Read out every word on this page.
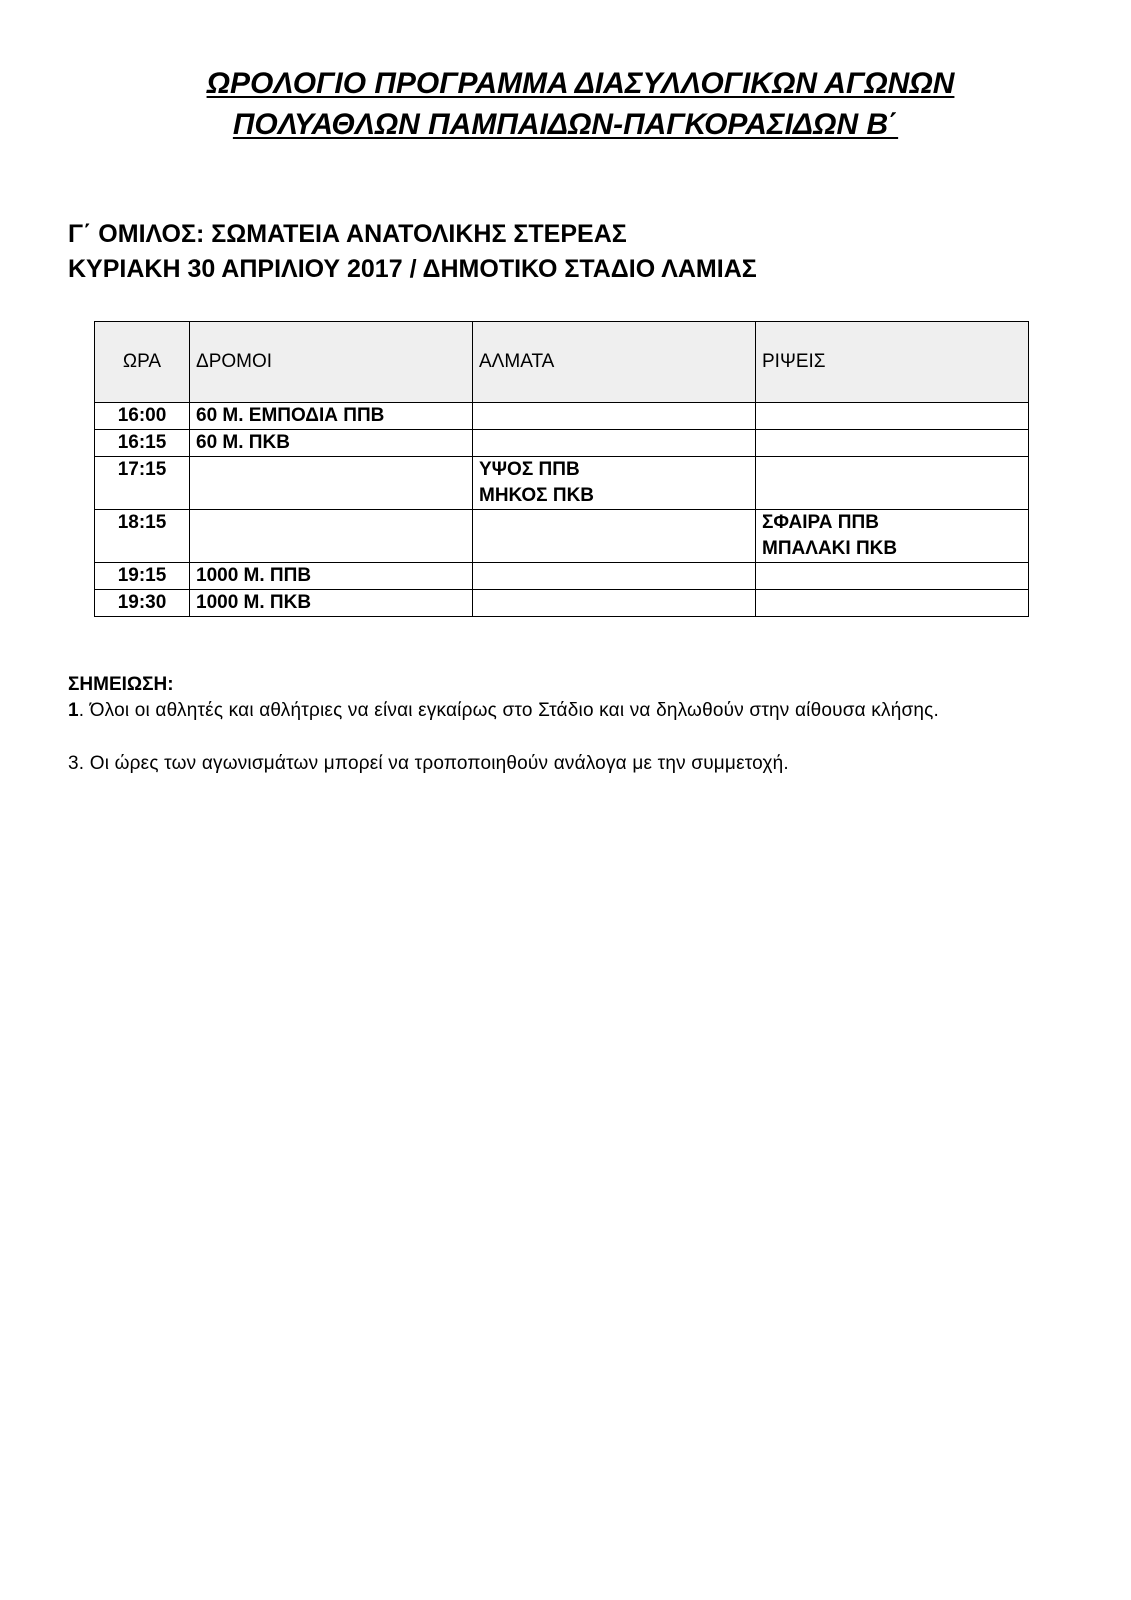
ΩΡΟΛΟΓΙΟ ΠΡΟΓΡΑΜΜΑ ΔΙΑΣΥΛΛΟΓΙΚΩΝ ΑΓΩΝΩΝ
ΠΟΛΥΑΘΛΩΝ ΠΑΜΠΑΙΔΩΝ-ΠΑΓΚΟΡΑΣΙΔΩΝ Β΄
Γ΄ ΟΜΙΛΟΣ: ΣΩΜΑΤΕΙΑ ΑΝΑΤΟΛΙΚΗΣ ΣΤΕΡΕΑΣ
ΚΥΡΙΑΚΗ 30 ΑΠΡΙΛΙΟΥ 2017 / ΔΗΜΟΤΙΚΟ ΣΤΑΔΙΟ ΛΑΜΙΑΣ
ΩΡΑ	ΔΡΟΜΟΙ	ΑΛΜΑΤΑ	ΡΙΨΕΙΣ
16:00	60 Μ. ΕΜΠΟΔΙΑ ΠΠΒ		
16:15	60 Μ. ΠΚΒ		
17:15		ΥΨΟΣ ΠΠΒ
ΜΗΚΟΣ ΠΚΒ	
18:15			ΣΦΑΙΡΑ ΠΠΒ
ΜΠΑΛΑΚΙ ΠΚΒ
19:15	1000 Μ. ΠΠΒ		
19:30	1000 Μ. ΠΚΒ		

ΣΗΜΕΙΩΣΗ:

1. Όλοι οι αθλητές και αθλήτριες να είναι εγκαίρως στο Στάδιο και να δηλωθούν στην αίθουσα κλήσης.

3. Οι ώρες των αγωνισμάτων μπορεί να τροποποιηθούν ανάλογα με την συμμετοχή.
